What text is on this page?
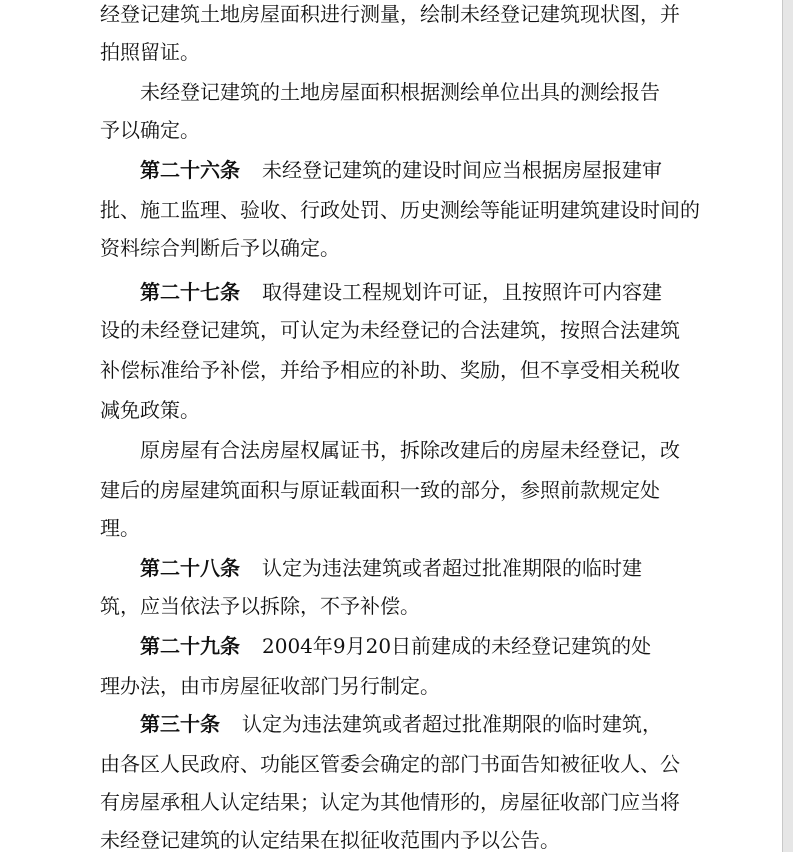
经登记建筑土地房屋面积进行测量，绘制未经登记建筑现状图，并
拍照留证。
未经登记建筑的土地房屋面积根据测绘单位出具的测绘报告
予以确定。
第二十六条 未经登记建筑的建设时间应当根据房屋报建审
批、施工监理、验收、行政处罚、历史测绘等能证明建筑建设时间的
资料综合判断后予以确定。
第二十七条 取得建设工程规划许可证，且按照许可内容建
设的未经登记建筑，可认定为未经登记的合法建筑，按照合法建筑
补偿标准给予补偿，并给予相应的补助、奖励，但不享受相关税收
减免政策。
原房屋有合法房屋权属证书，拆除改建后的房屋未经登记，改
建后的房屋建筑面积与原证载面积一致的部分，参照前款规定处
理。
第二十八条 认定为违法建筑或者超过批准期限的临时建
筑，应当依法予以拆除，不予补偿。
第二十九条 2004年9月20日前建成的未经登记建筑的处
理办法，由市房屋征收部门另行制定。
第三十条 认定为违法建筑或者超过批准期限的临时建筑，
由各区人民政府、功能区管委会确定的部门书面告知被征收人、公
有房屋承租人认定结果；认定为其他情形的，房屋征收部门应当将
未经登记建筑的认定结果在拟征收范围内予以公告。
